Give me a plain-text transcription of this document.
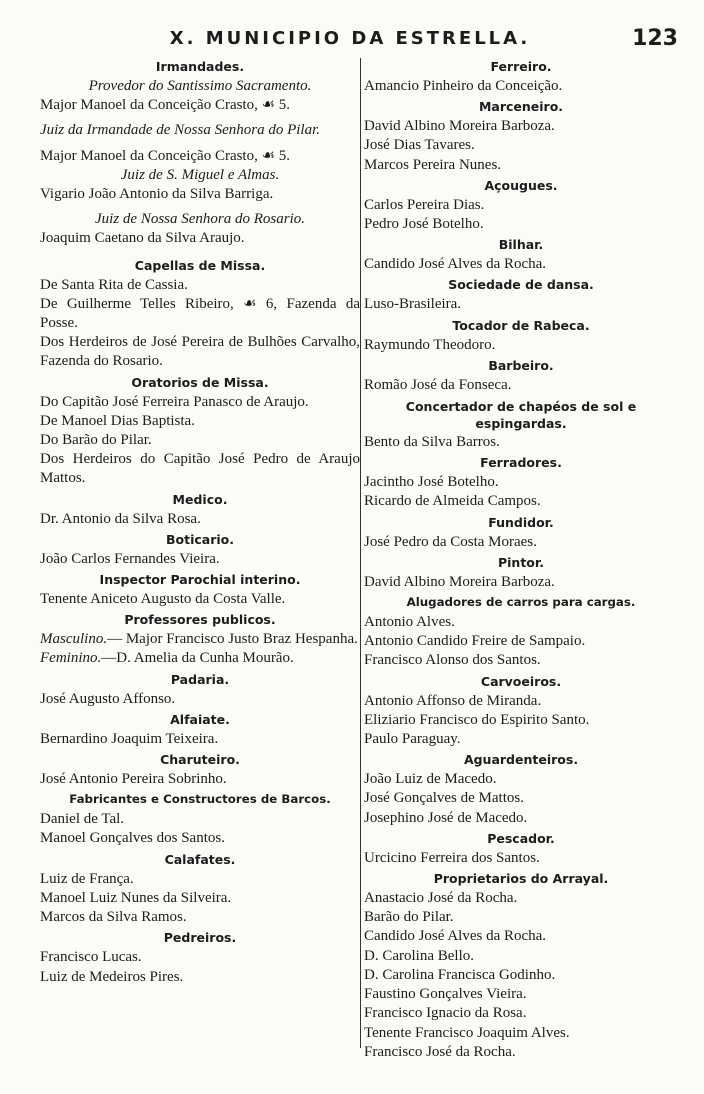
X. MUNICIPIO DA ESTRELLA.	123
Irmandades.
Provedor do Santissimo Sacramento.
Major Manoel da Conceição Crasto, ☙ 5.
Juiz da Irmandade de Nossa Senhora do Pilar.
Major Manoel da Conceição Crasto, ☙ 5.
Juiz de S. Miguel e Almas.
Vigario João Antonio da Silva Barriga.
Juiz de Nossa Senhora do Rosario.
Joaquim Caetano da Silva Araujo.
Capellas de Missa.
De Santa Rita de Cassia.
De Guilherme Telles Ribeiro, ☙ 6, Fazenda da Posse.
Dos Herdeiros de José Pereira de Bulhões Carvalho, Fazenda do Rosario.
Oratorios de Missa.
Do Capitão José Ferreira Panasco de Araujo.
De Manoel Dias Baptista.
Do Barão do Pilar.
Dos Herdeiros do Capitão José Pedro de Araujo Mattos.
Medico.
Dr. Antonio da Silva Rosa.
Boticario.
João Carlos Fernandes Vieira.
Inspector Parochial interino.
Tenente Aniceto Augusto da Costa Valle.
Professores publicos.
Masculino.— Major Francisco Justo Braz Hespanha.
Feminino.—D. Amelia da Cunha Mourão.
Padaria.
José Augusto Affonso.
Alfaiate.
Bernardino Joaquim Teixeira.
Charuteiro.
José Antonio Pereira Sobrinho.
Fabricantes e Constructores de Barcos.
Daniel de Tal.
Manoel Gonçalves dos Santos.
Calafates.
Luiz de França.
Manoel Luiz Nunes da Silveira.
Marcos da Silva Ramos.
Pedreiros.
Francisco Lucas.
Luiz de Medeiros Pires.
Ferreiro.
Amancio Pinheiro da Conceição.
Marceneiro.
David Albino Moreira Barboza.
José Dias Tavares.
Marcos Pereira Nunes.
Açougues.
Carlos Pereira Dias.
Pedro José Botelho.
Bilhar.
Candido José Alves da Rocha.
Sociedade de dansa.
Luso-Brasileira.
Tocador de Rabeca.
Raymundo Theodoro.
Barbeiro.
Romão José da Fonseca.
Concertador de chapéos de sol e espingardas.
Bento da Silva Barros.
Ferradores.
Jacintho José Botelho.
Ricardo de Almeida Campos.
Fundidor.
José Pedro da Costa Moraes.
Pintor.
David Albino Moreira Barboza.
Alugadores de carros para cargas.
Antonio Alves.
Antonio Candido Freire de Sampaio.
Francisco Alonso dos Santos.
Carvoeiros.
Antonio Affonso de Miranda.
Eliziario Francisco do Espirito Santo.
Paulo Paraguay.
Aguardenteiros.
João Luiz de Macedo.
José Gonçalves de Mattos.
Josephino José de Macedo.
Pescador.
Urcicino Ferreira dos Santos.
Proprietarios do Arrayal.
Anastacio José da Rocha.
Barão do Pilar.
Candido José Alves da Rocha.
D. Carolina Bello.
D. Carolina Francisca Godinho.
Faustino Gonçalves Vieira.
Francisco Ignacio da Rosa.
Tenente Francisco Joaquim Alves.
Francisco José da Rocha.
